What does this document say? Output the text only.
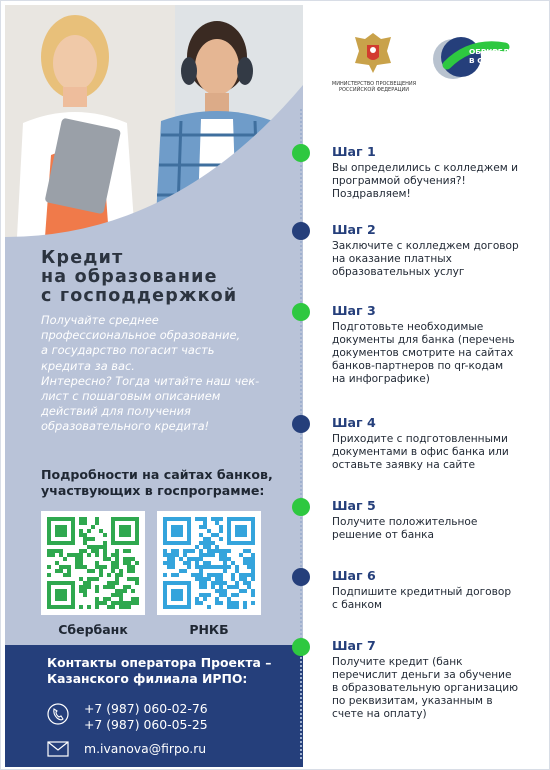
Кредит
на образование
с господдержкой

Получайте среднее
профессиональное образование,
а государство погасит часть
кредита за вас.
Интересно? Тогда читайте наш чек-
лист с пошаговым описанием
действий для получения
образовательного кредита!

Подробности на сайтах банков,
участвующих в госпрограмме:

Сбербанк	РНКБ

Контакты оператора Проекта –
Казанского филиала ИРПО:

+7 (987) 060-02-76
+7 (987) 060-05-25
m.ivanova@firpo.ru

МИНИСТЕРСТВО ПРОСВЕЩЕНИЯ
РОССИЙСКОЙ ФЕДЕРАЦИИ

ОБРКРЕДИТ
В СПО

Шаг 1

Вы определились с колледжем и
программой обучения?!
Поздравляем!

Шаг 2

Заключите с колледжем договор
на оказание платных
образовательных услуг

Шаг 3

Подготовьте необходимые
документы для банка (перечень
документов смотрите на сайтах
банков-партнеров по qr-кодам
на инфографике)

Шаг 4

Приходите с подготовленными
документами в офис банка или
оставьте заявку на сайте

Шаг 5

Получите положительное
решение от банка

Шаг 6

Подпишите кредитный договор
с банком

Шаг 7

Получите кредит (банк
перечислит деньги за обучение
в образовательную организацию
по реквизитам, указанным в
счете на оплату)
